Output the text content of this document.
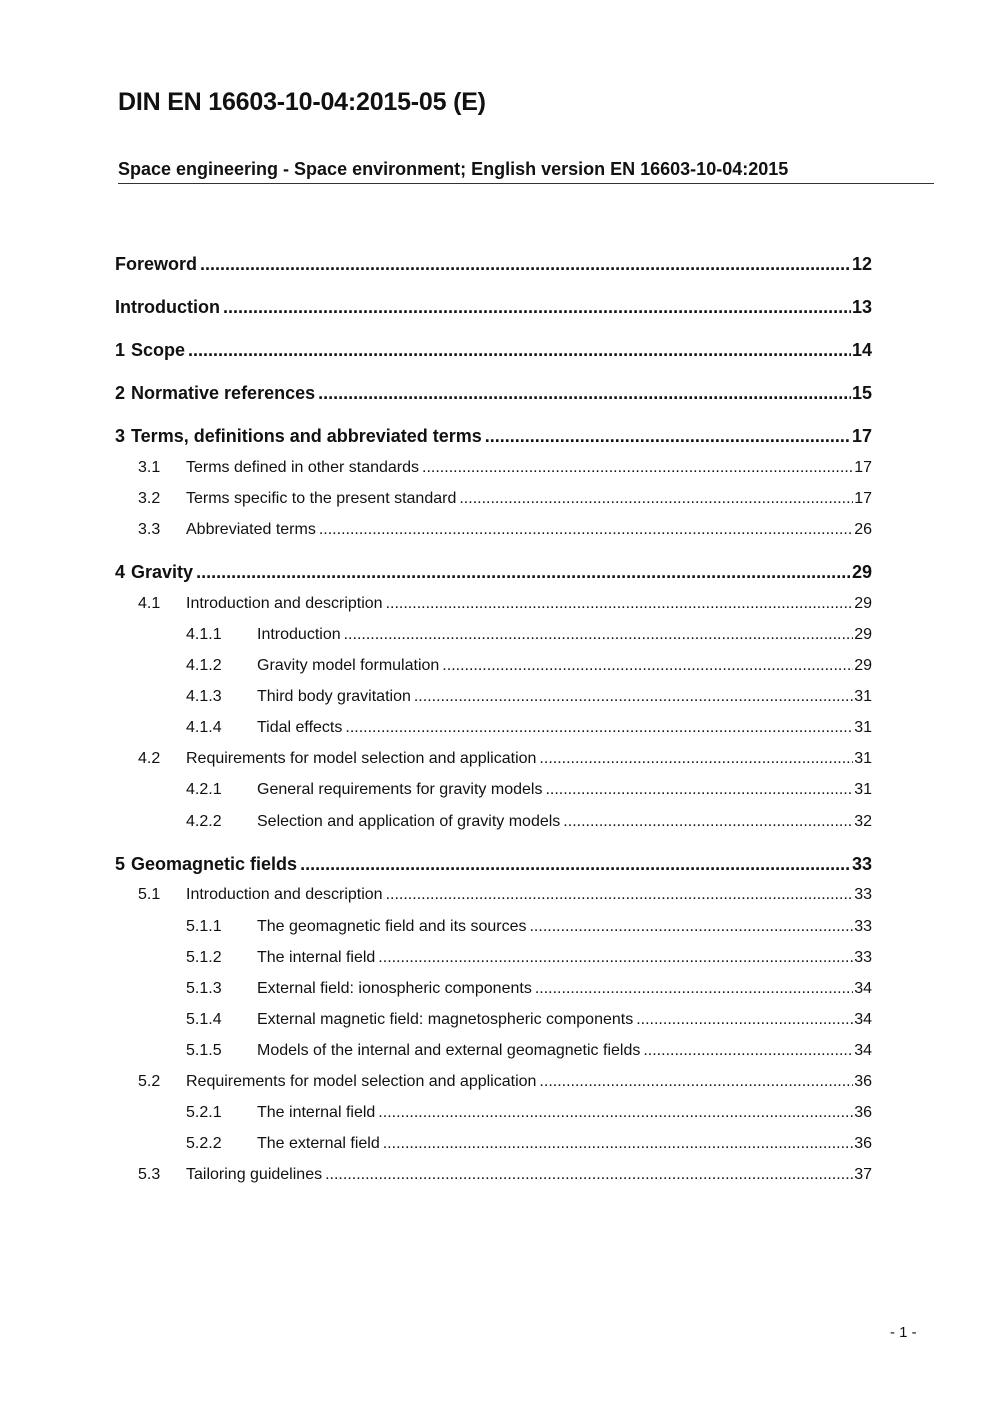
DIN EN 16603-10-04:2015-05 (E)
Space engineering - Space environment; English version EN 16603-10-04:2015
Foreword .....	12
Introduction .....	13
1 Scope .....	14
2 Normative references .....	15
3 Terms, definitions and abbreviated terms .....	17
3.1	Terms defined in other standards .....	17
3.2	Terms specific to the present standard .....	17
3.3	Abbreviated terms .....	26
4 Gravity .....	29
4.1	Introduction and description .....	29
4.1.1	Introduction .....	29
4.1.2	Gravity model formulation .....	29
4.1.3	Third body gravitation .....	31
4.1.4	Tidal effects .....	31
4.2	Requirements for model selection and application .....	31
4.2.1	General requirements for gravity models .....	31
4.2.2	Selection and application of gravity models .....	32
5 Geomagnetic fields .....	33
5.1	Introduction and description .....	33
5.1.1	The geomagnetic field and its sources .....	33
5.1.2	The internal field .....	33
5.1.3	External field: ionospheric components .....	34
5.1.4	External magnetic field: magnetospheric components .....	34
5.1.5	Models of the internal and external geomagnetic fields .....	34
5.2	Requirements for model selection and application .....	36
5.2.1	The internal field .....	36
5.2.2	The external field .....	36
5.3	Tailoring guidelines .....	37
- 1 -
